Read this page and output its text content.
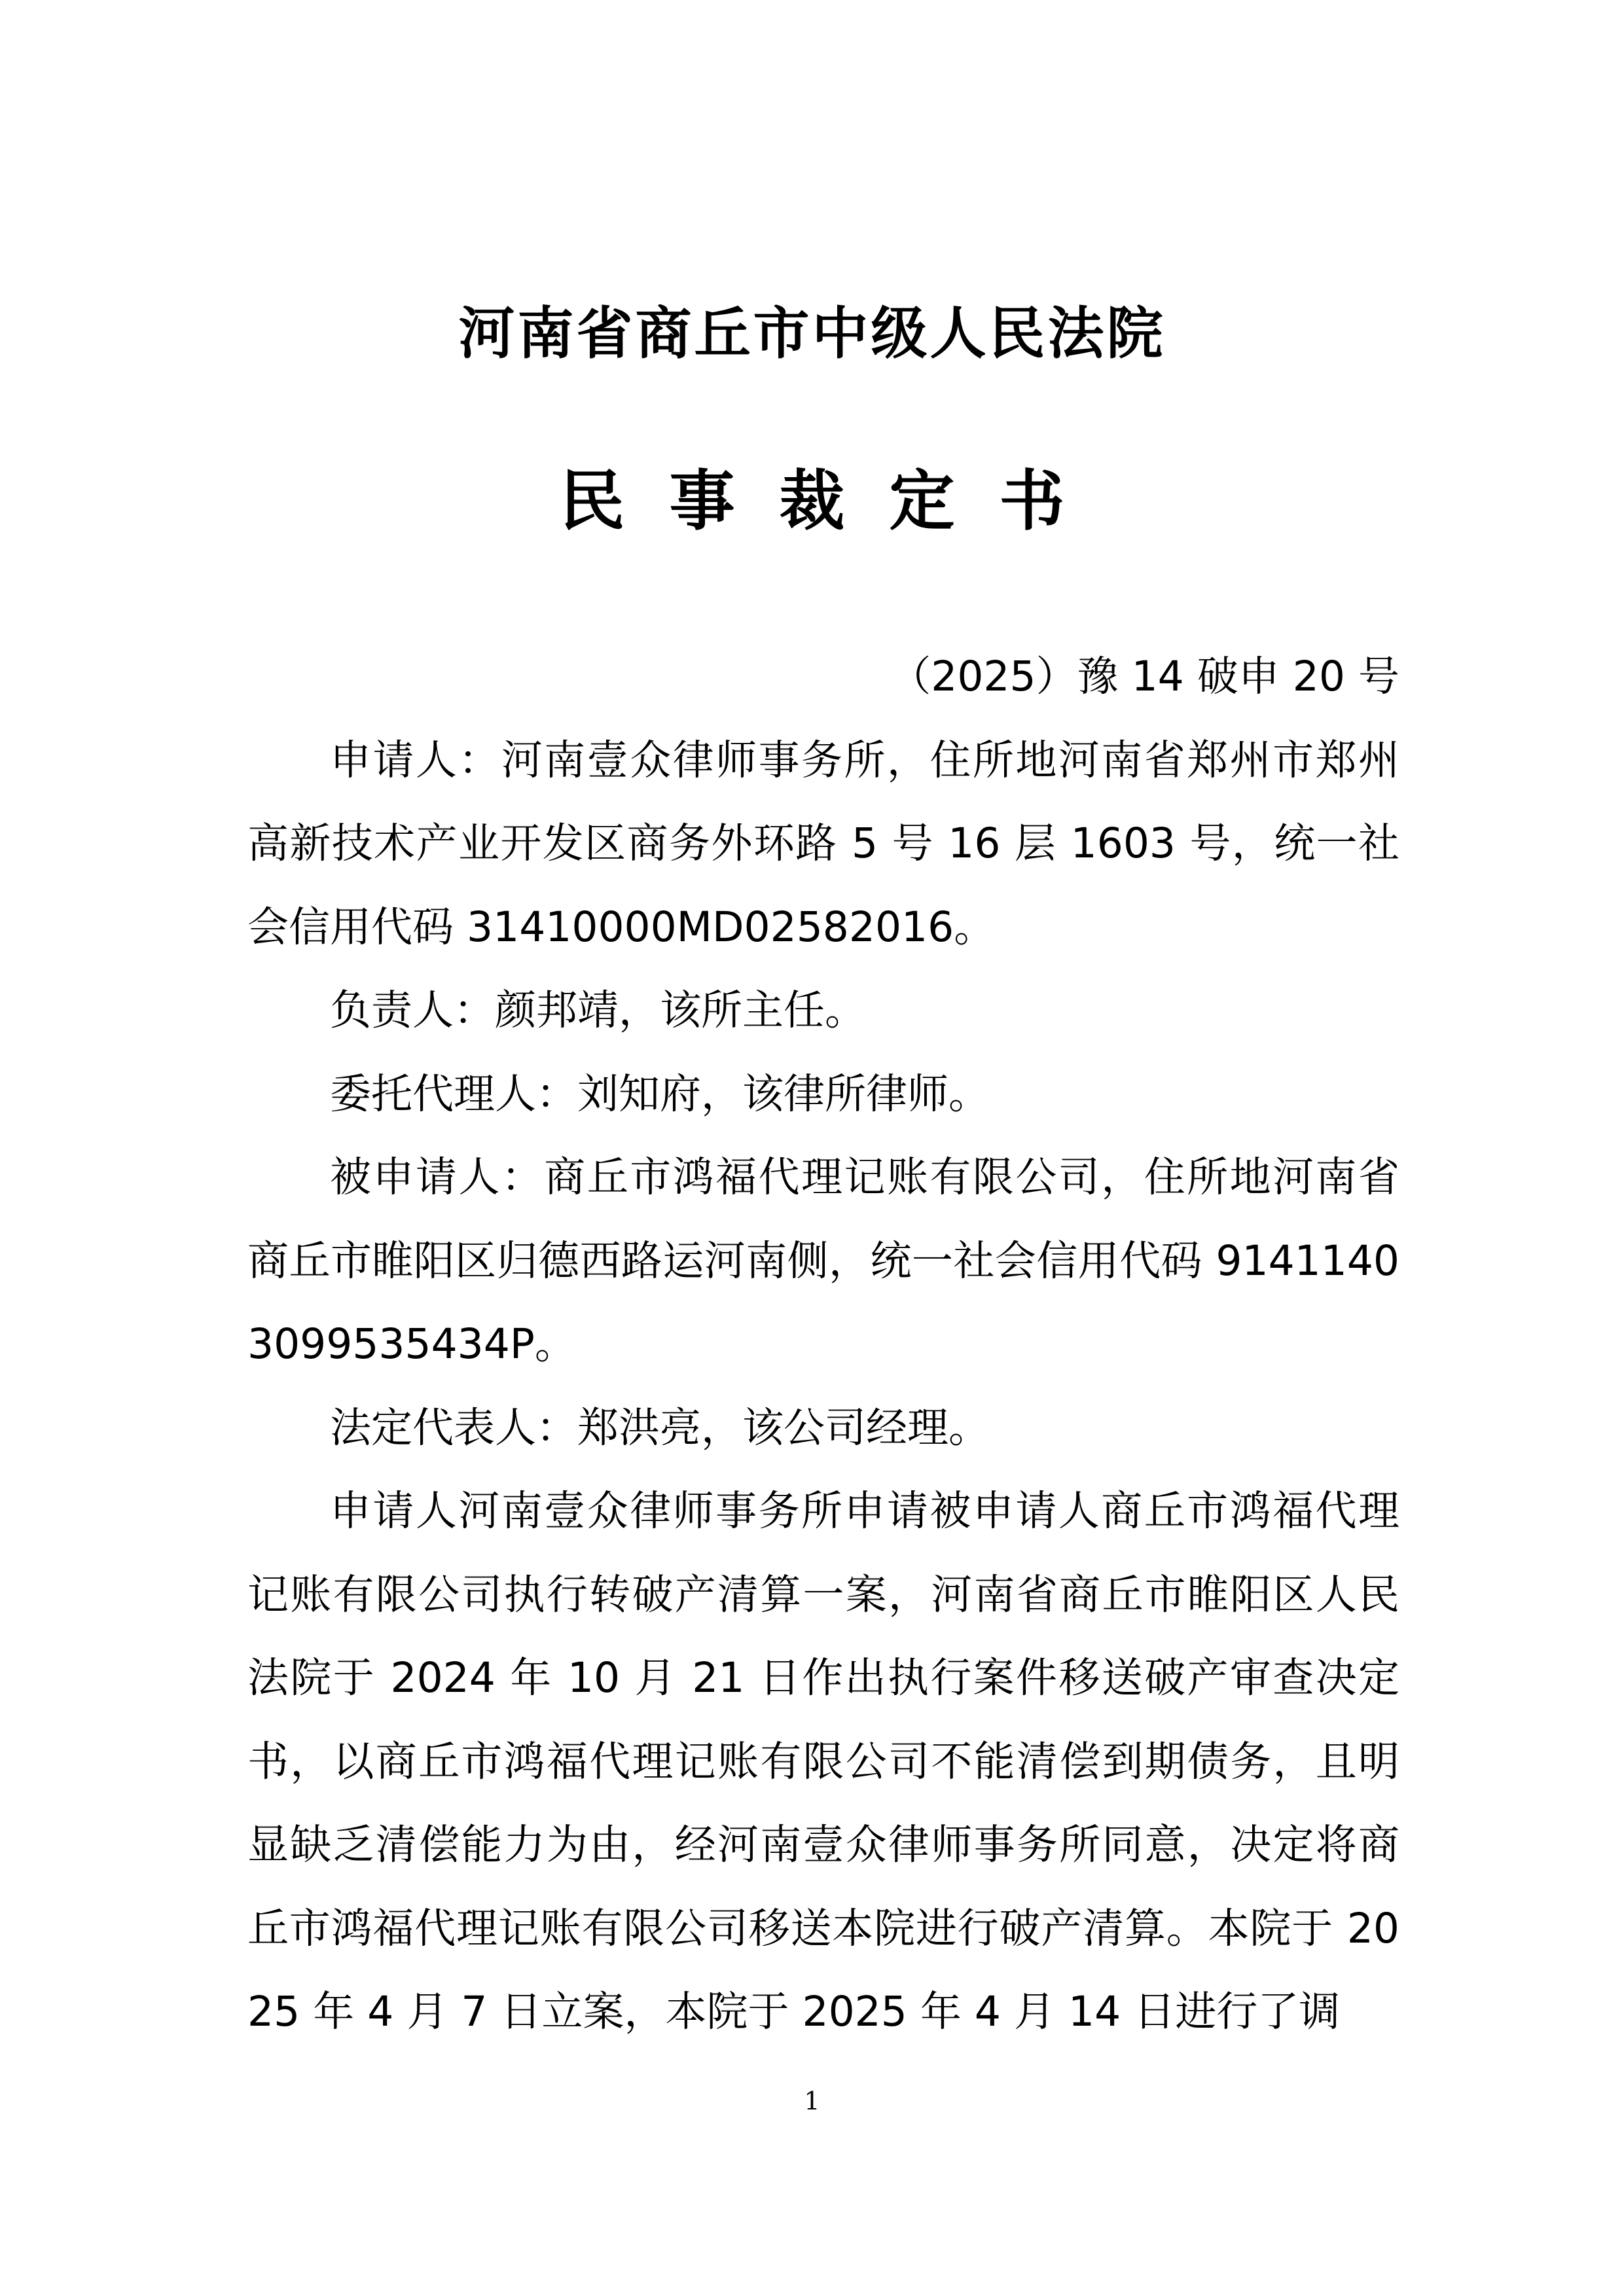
河南省商丘市中级人民法院
民 事 裁 定 书

（2025）豫 14 破申 20 号

申请人：河南壹众律师事务所，住所地河南省郑州市郑州高新技术产业开发区商务外环路 5 号 16 层 1603 号，统一社会信用代码 31410000MD02582016。

负责人：颜邦靖，该所主任。

委托代理人：刘知府，该律所律师。

被申请人：商丘市鸿福代理记账有限公司，住所地河南省商丘市睢阳区归德西路运河南侧，统一社会信用代码 91411403099535434P。

法定代表人：郑洪亮，该公司经理。

申请人河南壹众律师事务所申请被申请人商丘市鸿福代理记账有限公司执行转破产清算一案，河南省商丘市睢阳区人民法院于 2024 年 10 月 21 日作出执行案件移送破产审查决定书，以商丘市鸿福代理记账有限公司不能清偿到期债务，且明显缺乏清偿能力为由，经河南壹众律师事务所同意，决定将商丘市鸿福代理记账有限公司移送本院进行破产清算。本院于 2025 年 4 月 7 日立案，本院于 2025 年 4 月 14 日进行了调

1
